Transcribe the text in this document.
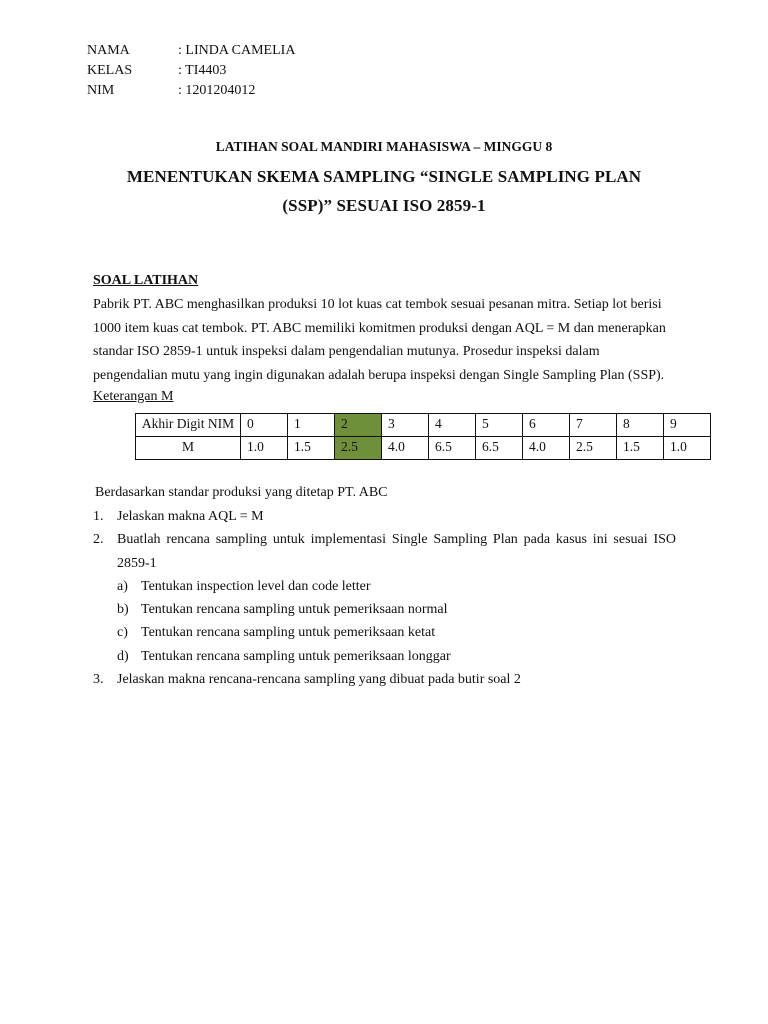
NAMA	: LINDA CAMELIA
KELAS	: TI4403
NIM	: 1201204012
LATIHAN SOAL MANDIRI MAHASISWA – MINGGU 8
MENENTUKAN SKEMA SAMPLING “SINGLE SAMPLING PLAN
(SSP)” SESUAI ISO 2859-1
SOAL LATIHAN
Pabrik PT. ABC menghasilkan produksi 10 lot kuas cat tembok sesuai pesanan mitra. Setiap lot berisi
1000 item kuas cat tembok. PT. ABC memiliki komitmen produksi dengan AQL = M dan menerapkan
standar ISO 2859-1 untuk inspeksi dalam pengendalian mutunya. Prosedur inspeksi dalam
pengendalian mutu yang ingin digunakan adalah berupa inspeksi dengan Single Sampling Plan (SSP).
Keterangan M
Akhir Digit NIM	0	1	2	3	4	5	6	7	8	9
M	1.0	1.5	2.5	4.0	6.5	6.5	4.0	2.5	1.5	1.0
Berdasarkan standar produksi yang ditetap PT. ABC
1. Jelaskan makna AQL = M
2. Buatlah rencana sampling untuk implementasi Single Sampling Plan pada kasus ini sesuai ISO
2859-1
a) Tentukan inspection level dan code letter
b) Tentukan rencana sampling untuk pemeriksaan normal
c) Tentukan rencana sampling untuk pemeriksaan ketat
d) Tentukan rencana sampling untuk pemeriksaan longgar
3. Jelaskan makna rencana-rencana sampling yang dibuat pada butir soal 2
